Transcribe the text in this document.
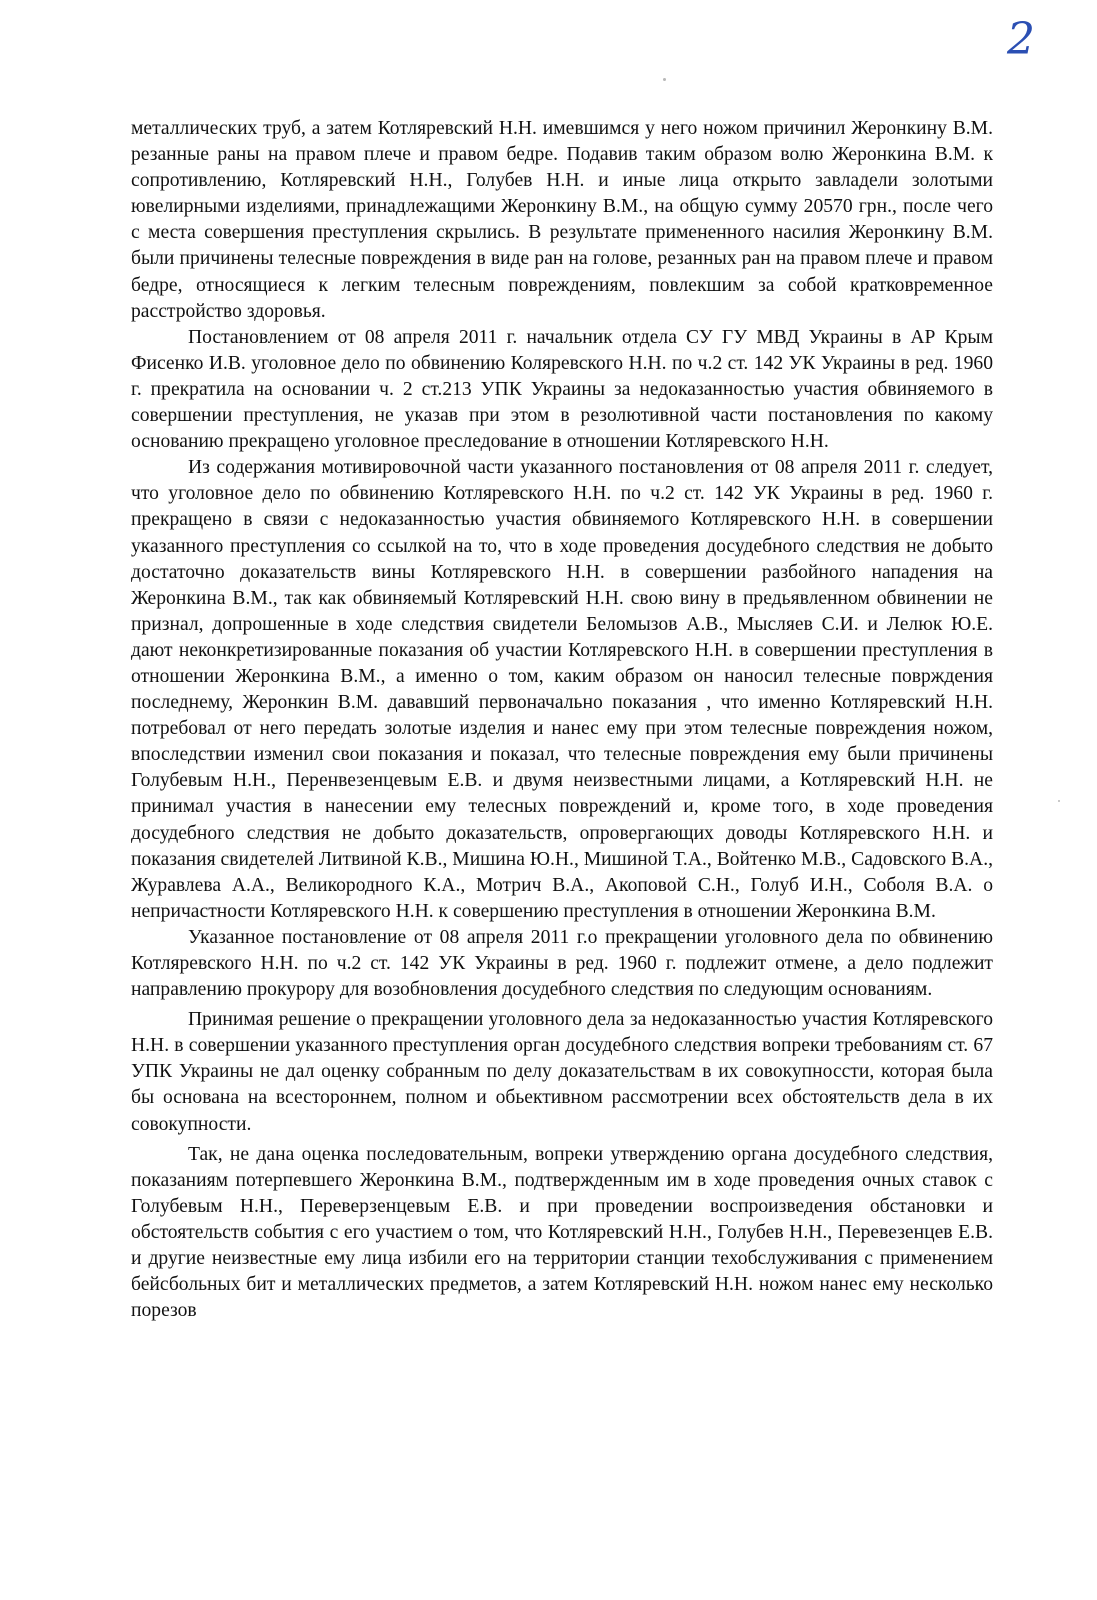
2

металлических труб, а затем Котляревский Н.Н. имевшимся у него ножом причинил Жеронкину В.М. резанные раны на правом плече и правом бедре. Подавив таким образом волю Жеронкина В.М. к сопротивлению, Котляревский Н.Н., Голубев Н.Н. и иные лица открыто завладели золотыми ювелирными изделиями, принадлежащими Жеронкину В.М., на общую сумму 20570 грн., после чего с места совершения преступления скрылись. В результате примененного насилия Жеронкину В.М. были причинены телесные повреждения в виде ран на голове, резанных ран на правом плече и правом бедре, относящиеся к легким телесным повреждениям, повлекшим за собой кратковременное расстройство здоровья.

Постановлением от 08 апреля 2011 г. начальник отдела СУ ГУ МВД Украины в АР Крым Фисенко И.В. уголовное дело по обвинению Коляревского Н.Н. по ч.2 ст. 142 УК Украины в ред. 1960 г. прекратила на основании ч. 2 ст.213 УПК Украины за недоказанностью участия обвиняемого в совершении преступления, не указав при этом в резолютивной части постановления по какому основанию прекращено уголовное преследование в отношении Котляревского Н.Н.

Из содержания мотивировочной части указанного постановления от 08 апреля 2011 г. следует, что уголовное дело по обвинению Котляревского Н.Н. по ч.2 ст. 142 УК Украины в ред. 1960 г. прекращено в связи с недоказанностью участия обвиняемого Котляревского Н.Н. в совершении указанного преступления со ссылкой на то, что в ходе проведения досудебного следствия не добыто достаточно доказательств вины Котляревского Н.Н. в совершении разбойного нападения на Жеронкина В.М., так как обвиняемый Котляревский Н.Н. свою вину в предьявленном обвинении не признал, допрошенные в ходе следствия свидетели Беломызов А.В., Мысляев С.И. и Лелюк Ю.Е. дают неконкретизированные показания об участии Котляревского Н.Н. в совершении преступления в отношении Жеронкина В.М., а именно о том, каким образом он наносил телесные поврждения последнему, Жеронкин В.М. дававший первоначально показания , что именно Котляревский Н.Н. потребовал от него передать золотые изделия и нанес ему при этом телесные повреждения ножом, впоследствии изменил свои показания и показал, что телесные повреждения ему были причинены Голубевым Н.Н., Перенвезенцевым Е.В. и двумя неизвестными лицами, а Котляревский Н.Н. не принимал участия в нанесении ему телесных повреждений и, кроме того, в ходе проведения досудебного следствия не добыто доказательств, опровергающих доводы Котляревского Н.Н. и показания свидетелей Литвиной К.В., Мишина Ю.Н., Мишиной Т.А., Войтенко М.В., Садовского В.А., Журавлева А.А., Великородного К.А., Мотрич В.А., Акоповой С.Н., Голуб И.Н., Соболя В.А. о непричастности Котляревского Н.Н. к совершению преступления в отношении Жеронкина В.М.

Указанное постановление от 08 апреля 2011 г.о прекращении уголовного дела по обвинению Котляревского Н.Н. по ч.2 ст. 142 УК Украины в ред. 1960 г. подлежит отмене, а дело подлежит направлению прокурору для возобновления досудебного следствия по следующим основаниям.

Принимая решение о прекращении уголовного дела за недоказанностью участия Котляревского Н.Н. в совершении указанного преступления орган досудебного следствия вопреки требованиям ст. 67 УПК Украины не дал оценку собранным по делу доказательствам в их совокупносcти, которая была бы основана на всестороннем, полном и обьективном рассмотрении всех обстоятельств дела в их совокупности.

Так, не дана оценка последовательным, вопреки утверждению органа досудебного следствия, показаниям потерпевшего Жеронкина В.М., подтвержденным им в ходе проведения очных ставок с Голубевым Н.Н., Переверзенцевым Е.В. и при проведении воспроизведения обстановки и обстоятельств события с его участием о том, что Котляревский Н.Н., Голубев Н.Н., Перевезенцев Е.В. и другие неизвестные ему лица избили его на территории станции техобслуживания с применением бейсбольных бит и металлических предметов, а затем Котляревский Н.Н. ножом нанес ему несколько порезов
